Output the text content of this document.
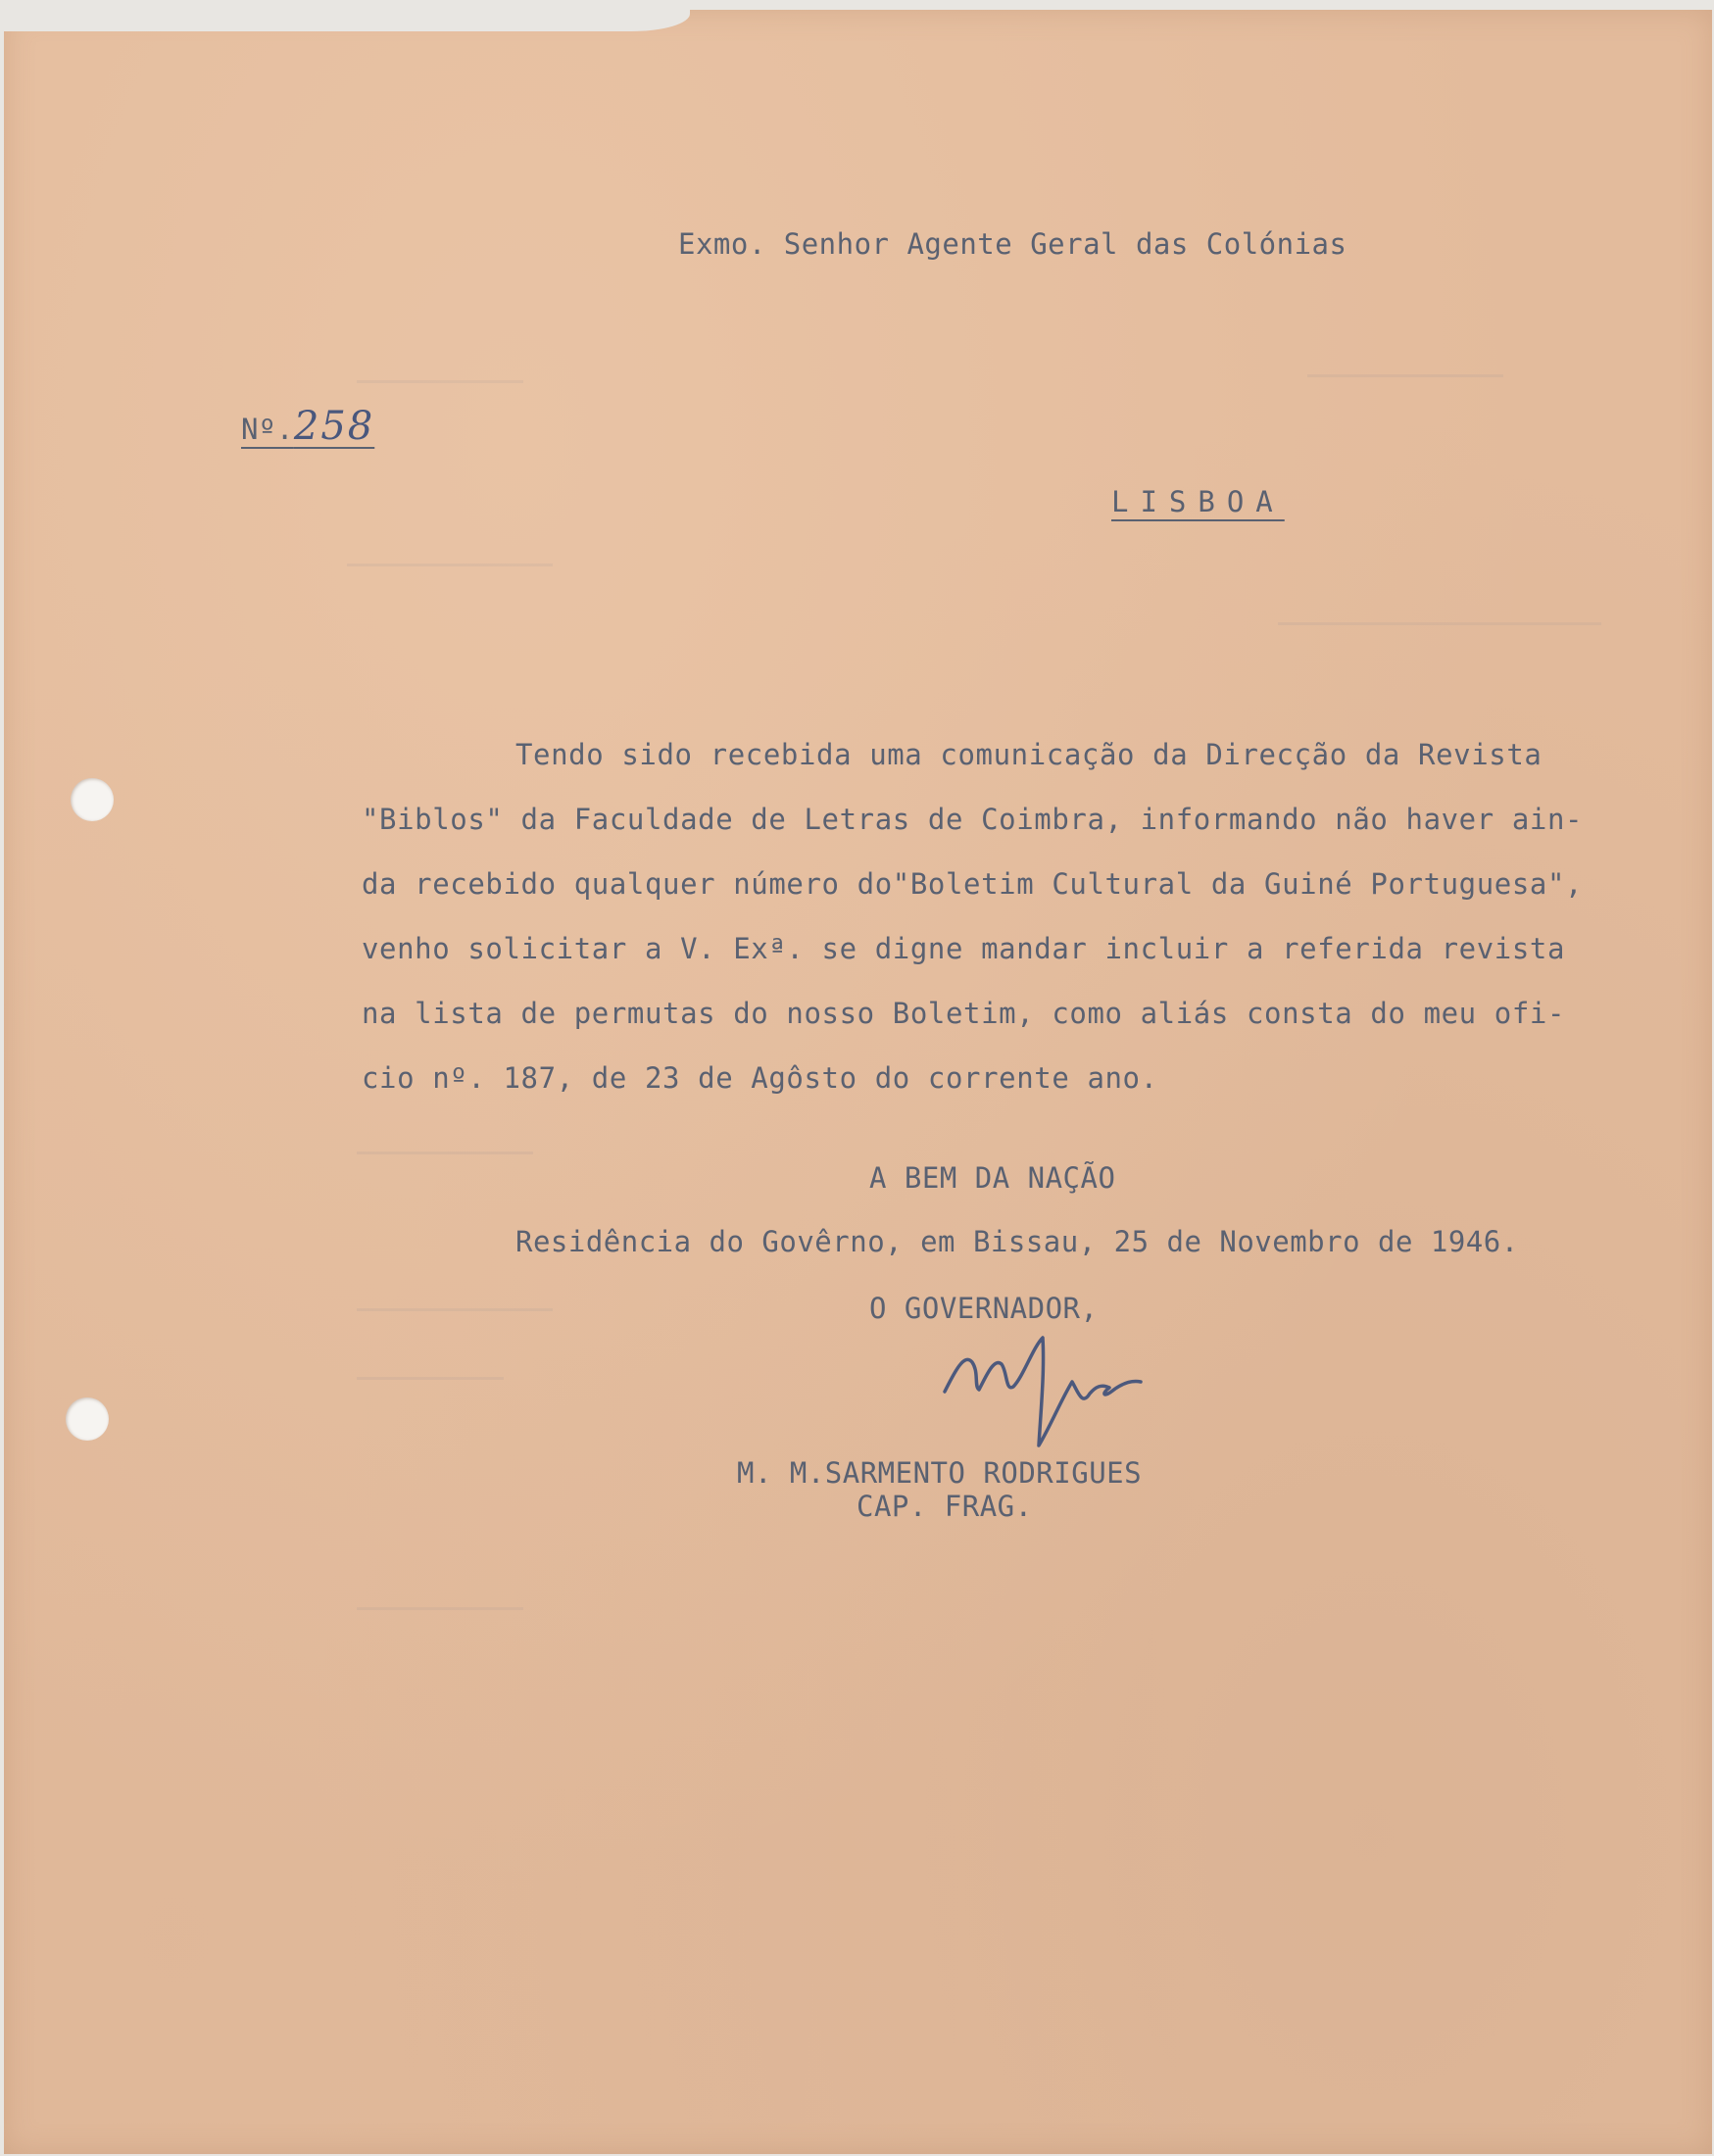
Exmo. Senhor Agente Geral das Colónias
Nº.258
LISBOA
Tendo sido recebida uma comunicação da Direcção da Revista
"Biblos" da Faculdade de Letras de Coimbra, informando não haver ain-
da recebido qualquer número do"Boletim Cultural da Guiné Portuguesa",
venho solicitar a V. Exª. se digne mandar incluir a referida revista
na lista de permutas do nosso Boletim, como aliás consta do meu ofi-
cio nº. 187, de 23 de Agôsto do corrente ano.
A BEM DA NAÇÃO
Residência do Govêrno, em Bissau, 25 de Novembro de 1946.
O GOVERNADOR,
M. M.SARMENTO RODRIGUES
CAP. FRAG.
